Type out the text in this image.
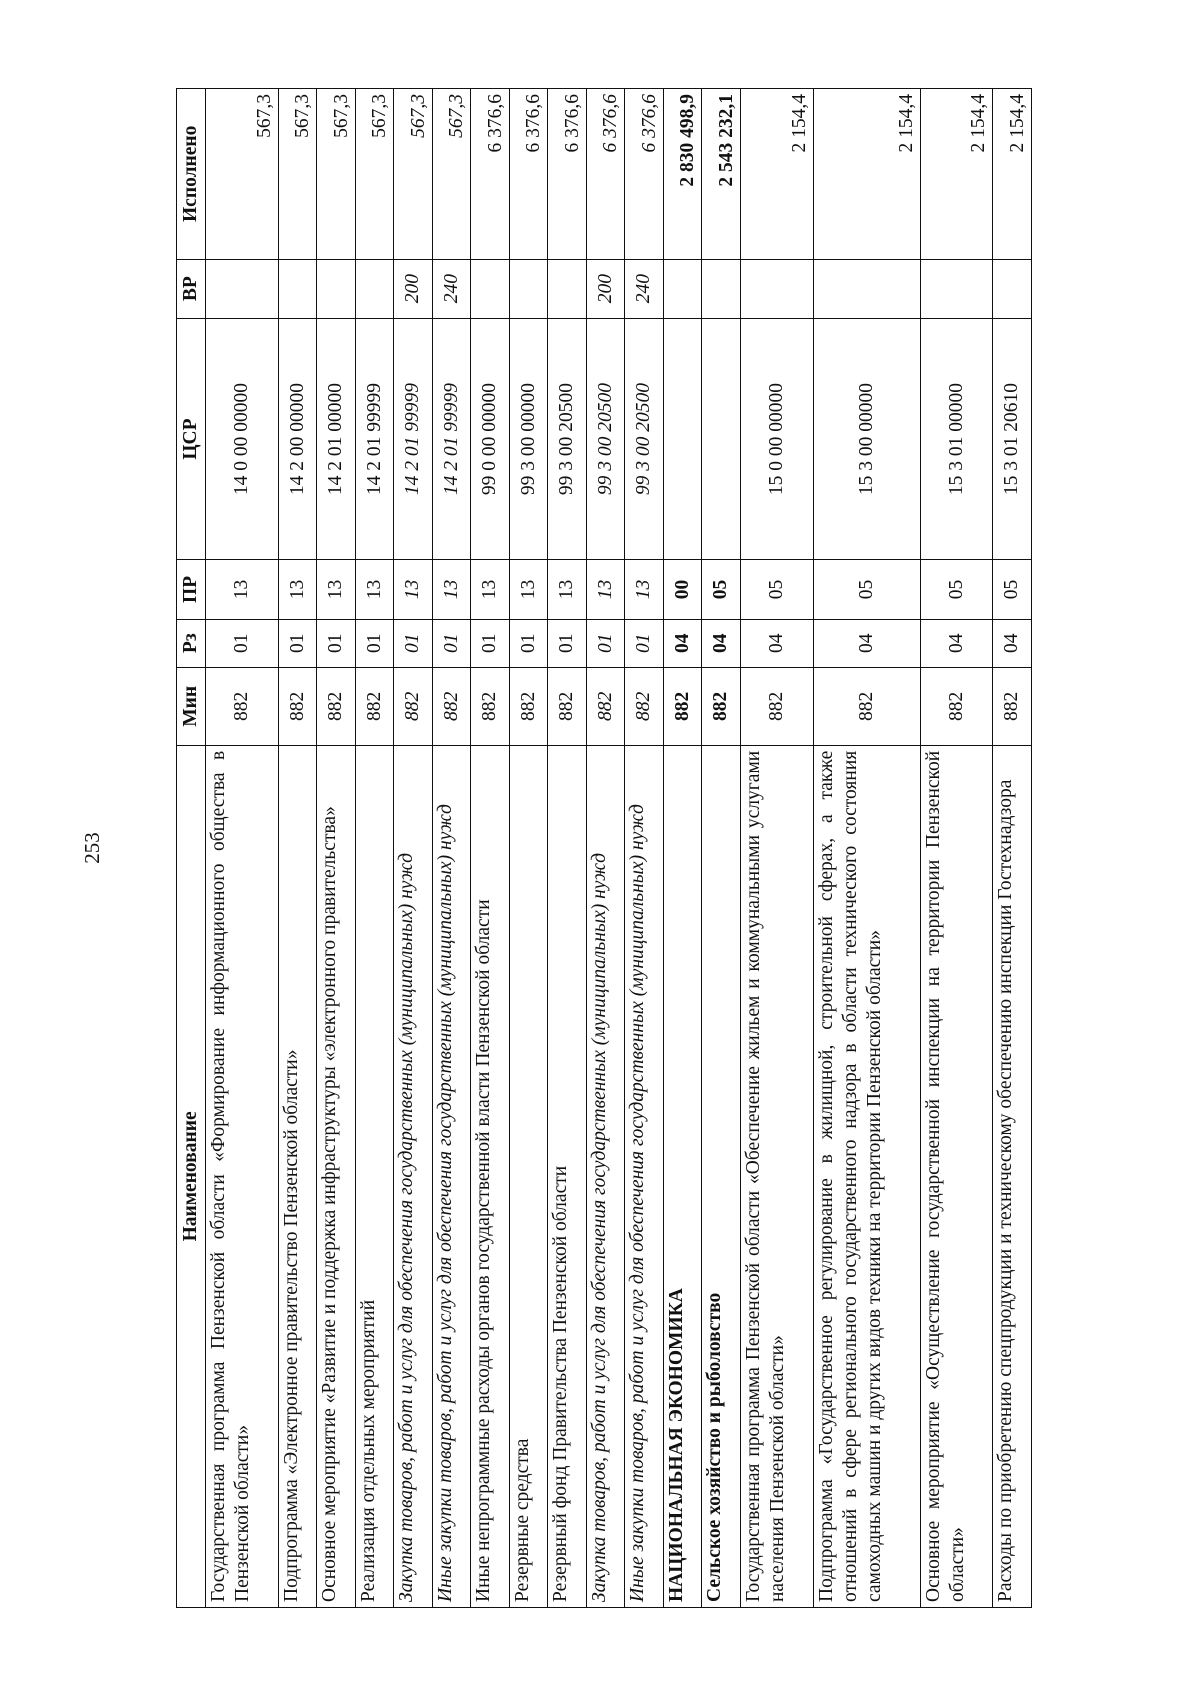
253
Наименование	Мин	Рз	ПР	ЦСР	ВР	Исполнено
Государственная программа Пензенской области «Формирование информационного общества в Пензенской области»	882	01	13	14 0 00 00000		567,3
Подпрограмма «Электронное правительство Пензенской области»	882	01	13	14 2 00 00000		567,3
Основное мероприятие «Развитие и поддержка инфраструктуры «электронного правительства»	882	01	13	14 2 01 00000		567,3
Реализация отдельных мероприятий	882	01	13	14 2 01 99999		567,3
Закупка товаров, работ и услуг для обеспечения государственных (муниципальных) нужд	882	01	13	14 2 01 99999	200	567,3
Иные закупки товаров, работ и услуг для обеспечения государственных (муниципальных) нужд	882	01	13	14 2 01 99999	240	567,3
Иные непрограммные расходы органов государственной власти Пензенской области	882	01	13	99 0 00 00000		6 376,6
Резервные средства	882	01	13	99 3 00 00000		6 376,6
Резервный фонд Правительства Пензенской области	882	01	13	99 3 00 20500		6 376,6
Закупка товаров, работ и услуг для обеспечения государственных (муниципальных) нужд	882	01	13	99 3 00 20500	200	6 376,6
Иные закупки товаров, работ и услуг для обеспечения государственных (муниципальных) нужд	882	01	13	99 3 00 20500	240	6 376,6
НАЦИОНАЛЬНАЯ ЭКОНОМИКА	882	04	00			2 830 498,9
Сельское хозяйство и рыболовство	882	04	05			2 543 232,1
Государственная программа Пензенской области «Обеспечение жильем и коммунальными услугами населения Пензенской области»	882	04	05	15 0 00 00000		2 154,4
Подпрограмма «Государственное регулирование в жилищной, строительной сферах, а также отношений в сфере регионального государственного надзора в области технического состояния самоходных машин и других видов техники на территории Пензенской области»	882	04	05	15 3 00 00000		2 154,4
Основное мероприятие «Осуществление государственной инспекции на территории Пензенской области»	882	04	05	15 3 01 00000		2 154,4
Расходы по приобретению спецпродукции и техническому обеспечению инспекции Гостехнадзора	882	04	05	15 3 01 20610		2 154,4
